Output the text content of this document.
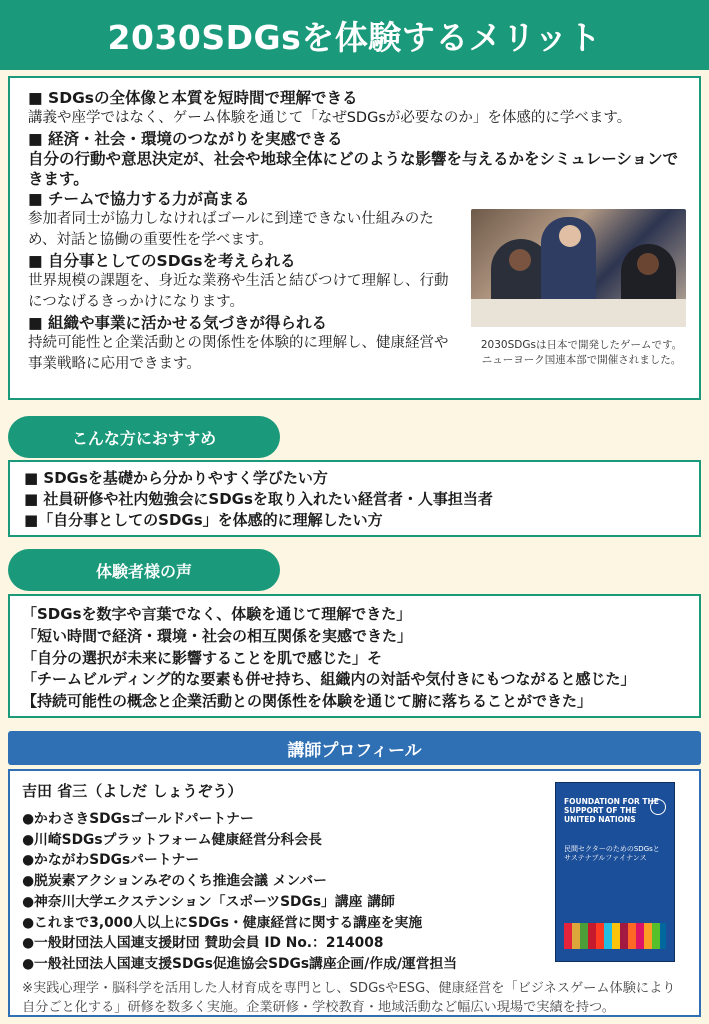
2030SDGsを体験するメリット
■ SDGsの全体像と本質を短時間で理解できる
講義や座学ではなく、ゲーム体験を通じて「なぜSDGsが必要なのか」を体感的に学べます。
■ 経済・社会・環境のつながりを実感できる
自分の行動や意思決定が、社会や地球全体にどのような影響を与えるかをシミュレーションできます。
■ チームで協力する力が高まる
参加者同士が協力しなければゴールに到達できない仕組みのため、対話と協働の重要性を学べます。
■ 自分事としてのSDGsを考えられる
世界規模の課題を、身近な業務や生活と結びつけて理解し、行動につなげるきっかけになります。
■ 組織や事業に活かせる気づきが得られる
持続可能性と企業活動との関係性を体験的に理解し、健康経営や事業戦略に応用できます。
2030SDGsは日本で開発したゲームです。
ニューヨーク国連本部で開催されました。
こんな方におすすめ
■ SDGsを基礎から分かりやすく学びたい方
■ 社員研修や社内勉強会にSDGsを取り入れたい経営者・人事担当者
■「自分事としてのSDGs」を体感的に理解したい方
体験者様の声
「SDGsを数字や言葉でなく、体験を通じて理解できた」
「短い時間で経済・環境・社会の相互関係を実感できた」
「自分の選択が未来に影響することを肌で感じた」そ
「チームビルディング的な要素も併せ持ち、組織内の対話や気付きにもつながると感じた」
【持続可能性の概念と企業活動との関係性を体験を通じて腑に落ちることができた」
講師プロフィール
吉田 省三（よしだ しょうぞう）
●かわさきSDGsゴールドパートナー
●川崎SDGsプラットフォーム健康経営分科会長
●かながわSDGsパートナー
●脱炭素アクションみぞのくち推進会議 メンバー
●神奈川大学エクステンション「スポーツSDGs」講座 講師
●これまで3,000人以上にSDGs・健康経営に関する講座を実施
●一般財団法人国連支援財団 賛助会員 ID No.：214008
●一般社団法人国連支援SDGs促進協会SDGs講座企画/作成/運営担当
※実践心理学・脳科学を活用した人材育成を専門とし、SDGsやESG、健康経営を「ビジネスゲーム体験により自分ごと化する」研修を数多く実施。企業研修・学校教育・地域活動など幅広い現場で実績を持つ。
FOUNDATION FOR THE SUPPORT OF THE UNITED NATIONS
民間セクターのためのSDGsとサステナブルファイナンス
